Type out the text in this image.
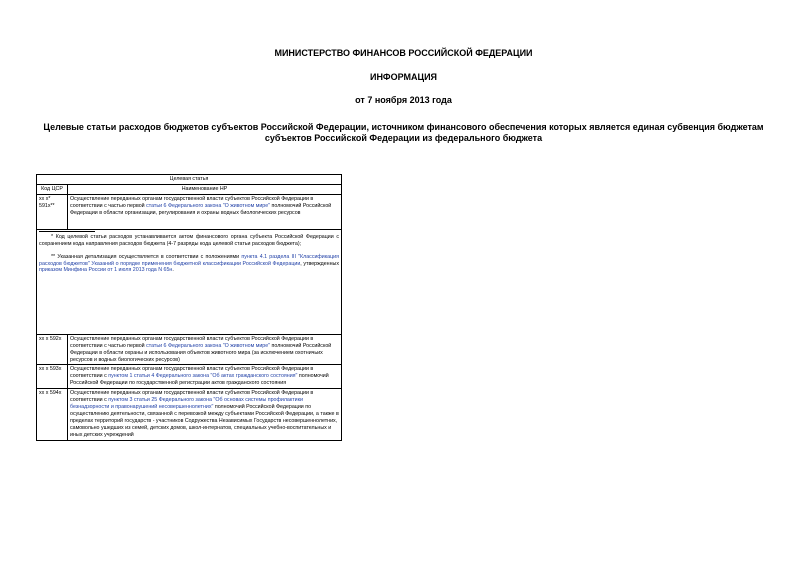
МИНИСТЕРСТВО ФИНАНСОВ РОССИЙСКОЙ ФЕДЕРАЦИИ
ИНФОРМАЦИЯ
от 7 ноября 2013 года
Целевые статьи расходов бюджетов субъектов Российской Федерации, источником финансового обеспечения которых является единая субвенция бюджетам субъектов Российской Федерации из федерального бюджета
Целевая статья	
Код ЦСР	Наименование НР
хх х* 591х**	Осуществление переданных органам государственной власти субъектов Российской Федерации в соответствии с частью первой статьи 6 Федерального закона "О животном мире" полномочий Российской Федерации в области организации, регулирования и охраны водных биологических ресурсов

* Код целевой статьи расходов устанавливается актом финансового органа субъекта Российской Федерации с сохранением кода направления расходов бюджета (4-7 разряды кода целевой статьи расходов бюджета);

** Указанная детализация осуществляется в соответствии с положениями пункта 4.1 раздела III "Классификация расходов бюджетов" Указаний о порядке применения бюджетной классификации Российской Федерации, утвержденных приказом Минфина России от 1 июля 2013 года N 65н.	

хх х 592х	Осуществление переданных органам государственной власти субъектов Российской Федерации в соответствии с частью первой статьи 6 Федерального закона "О животном мире" полномочий Российской Федерации в области охраны и использования объектов животного мира (за исключением охотничьих ресурсов и водных биологических ресурсов)
хх х 593х	Осуществление переданных органам государственной власти субъектов Российской Федерации в соответствии с пунктом 1 статьи 4 Федерального закона "Об актах гражданского состояния" полномочий Российской Федерации по государственной регистрации актов гражданского состояния
хх х 594х	Осуществление переданных органам государственной власти субъектов Российской Федерации в соответствии с пунктом 3 статьи 25 Федерального закона "Об основах системы профилактики безнадзорности и правонарушений несовершеннолетних" полномочий Российской Федерации по осуществлению деятельности, связанной с перевозкой между субъектами Российской Федерации, а также в пределах территорий государств - участников Содружества Независимых Государств несовершеннолетних, самовольно ушедших из семей, детских домов, школ-интернатов, специальных учебно-воспитательных и иных детских учреждений
